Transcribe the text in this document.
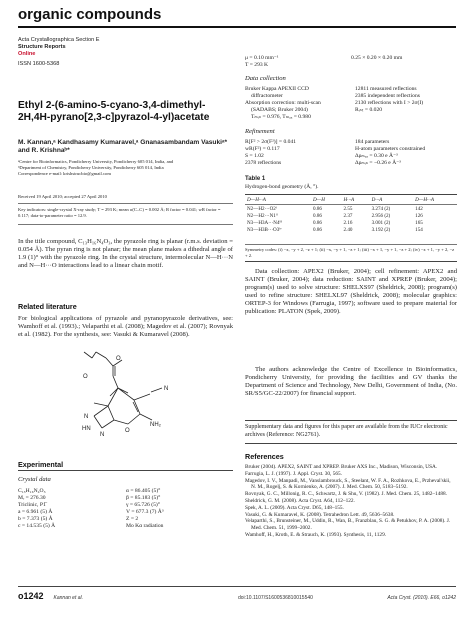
organic compounds
Acta Crystallographica Section E
Structure Reports
Online
ISSN 1600-5368
Ethyl 2-(6-amino-5-cyano-3,4-dimethyl-2H,4H-pyrano[2,3-c]pyrazol-4-yl)acetate
M. Kannan,ᵃ Kandhasamy Kumaravel,ᵃ Gnanasambandam Vasukiᵃ* and R. Krishnaᵇ*
ᵃCentre for Bioinformatics, Pondicherry University, Pondicherry 605 014, India, and
ᵇDepartment of Chemistry, Pondicherry University, Pondicherry 605 014, India
Correspondence e-mail: krishstrucbio@gmail.com
Received 19 April 2010; accepted 27 April 2010
Key indicators: single-crystal X-ray study; T = 293 K; mean σ(C–C) = 0.002 Å; R factor = 0.041; wR factor = 0.117; data-to-parameter ratio = 12.9.
In the title compound, C₁₃H₁₆N₄O₃, the pyrazole ring is planar (r.m.s. deviation = 0.054 Å). The pyran ring is not planar; the mean plane makes a dihedral angle of 1.9 (1)° with the pyrazole ring. In the crystal structure, intermolecular N—H···N and N—H···O interactions lead to a linear chain motif.
Related literature
For biological applications of pyrazole and pyranopyrazole derivatives, see: Wamhoff et al. (1993).; Velaparthi et al. (2008); Magedov et al. (2007); Rovnyak et al. (1982). For the synthesis, see: Vasuki & Kumaravel (2008).
O
O
N
HN
N
O
NH₂
N
Experimental
Crystal data
C₁₃H₁₆N₄O₃
Mᵣ = 276.30
Triclinic, P1̅
a = 6.961 (5) Å
b = 7.373 (5) Å
c = 14.535 (5) Å
α = 86.405 (5)°
β = 85.183 (5)°
γ = 65.726 (5)°
V = 677.3 (7) Å³
Z = 2
Mo Kα radiation
μ = 0.10 mm⁻¹
T = 293 K
0.25 × 0.20 × 0.20 mm
Data collection
Bruker Kappa APEXII CCD
diffractometer
Absorption correction: multi-scan
(SADABS; Bruker 2004)
Tₘᵢₙ = 0.976, Tₘₐₓ = 0.980
12811 measured reflections
2385 independent reflections
2130 reflections with I > 2σ(I)
Rᵢₙₜ = 0.020
Refinement
R[F² > 2σ(F²)] = 0.041
wR(F²) = 0.117
S = 1.02
2378 reflections
184 parameters
H-atom parameters constrained
Δρₘₐₓ = 0.30 e Å⁻³
Δρₘᵢₙ = −0.26 e Å⁻³
Table 1
Hydrogen-bond geometry (Å, °).
D—H···A	D—H	H···A	D···A	D—H···A

N2—H2···O2ⁱ	0.86	2.55	3.274 (2)	142
N2—H2···N1ⁱⁱ	0.86	2.37	2.956 (2)	126
N3—H3A···N4ⁱⁱⁱ	0.86	2.16	3.001 (2)	165
N3—H3B···O3ⁱᵛ	0.86	2.40	3.192 (2)	154
Symmetry codes: (i) −x, −y + 2, −z + 1; (ii) −x, −y + 1, −z + 1; (iii) −x + 1, −y + 1, −z + 2; (iv) −x + 1, −y + 2, −z + 2.
Data collection: APEX2 (Bruker, 2004); cell refinement: APEX2 and SAINT (Bruker, 2004); data reduction: SAINT and XPREP (Bruker, 2004); program(s) used to solve structure: SHELXS97 (Sheldrick, 2008); program(s) used to refine structure: SHELXL97 (Sheldrick, 2008); molecular graphics: ORTEP-3 for Windows (Farrugia, 1997); software used to prepare material for publication: PLATON (Spek, 2009).
The authors acknowledge the Centre of Excellence in Bioinformatics, Pondicherry University, for providing the facilities and GV thanks the Department of Science and Technology, New Delhi, Government of India, (No. SR/S5/GC-22/2007) for financial support.
Supplementary data and figures for this paper are available from the IUCr electronic archives (Reference: NG2761).
References
Bruker (2004). APEX2, SAINT and XPREP. Bruker AXS Inc., Madison, Wisconsin, USA.
Farrugia, L. J. (1997). J. Appl. Cryst. 30, 565.
Magedov, I. V., Manpadi, M., Vanslambrouck, S., Steelant, W. F. A., Rozhkova, E., Przheval'skii, N. M., Rogelj, S. & Kornienko, A. (2007). J. Med. Chem. 50, 5183–5192.
Rovnyak, G. C., Millonig, R. C., Schwartz, J. & Shu, V. (1982). J. Med. Chem. 25, 1482–1488.
Sheldrick, G. M. (2008). Acta Cryst. A64, 112–122.
Spek, A. L. (2009). Acta Cryst. D65, 148–155.
Vasuki, G. & Kumaravel, K. (2008). Tetrahedron Lett. 49, 5636–5638.
Velaparthi, S., Brunsteiner, M., Uddin, R., Wan, B., Franzblau, S. G. & Petukhov, P. A. (2008). J. Med. Chem. 51, 1999–2002.
Wamhoff, H., Kroth, E. & Strauch, K. (1993). Synthesis, 11, 1129.
o1242 Kannan et al.	doi:10.1107/S1600536810015540	Acta Cryst. (2010). E66, o1242
